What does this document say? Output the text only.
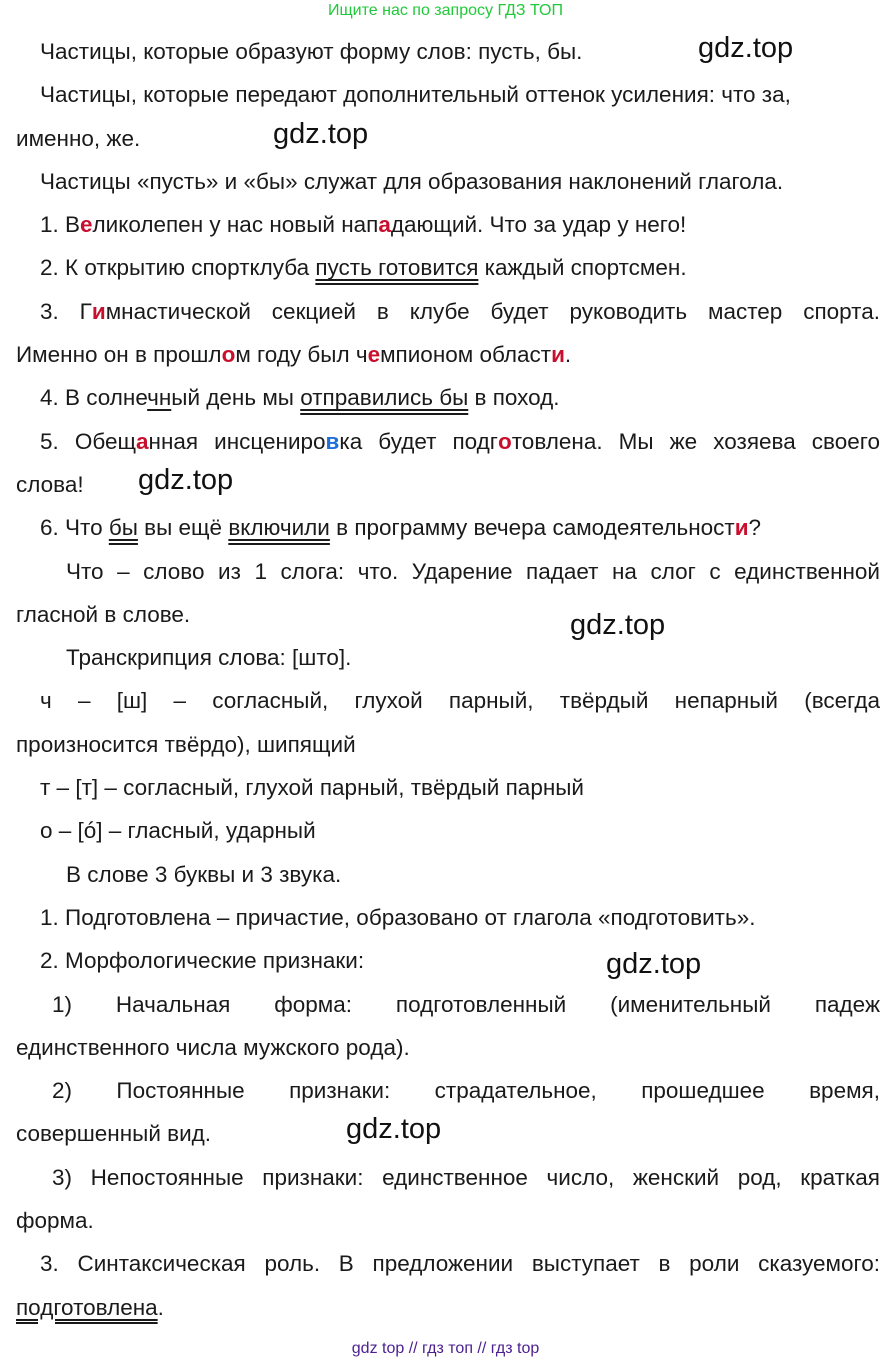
Ищите нас по запросу ГДЗ ТОП
Частицы, которые образуют форму слов: пусть, бы.
Частицы, которые передают дополнительный оттенок усиления: что за,
именно, же.
Частицы «пусть» и «бы» служат для образования наклонений глагола.
1. Великолепен у нас новый нападающий. Что за удар у него!
2. К открытию спортклуба пусть готовится каждый спортсмен.
3. Гимнастической секцией в клубе будет руководить мастер спорта.
Именно он в прошлом году был чемпионом облаcти.
4. В солнечный день мы отправились бы в поход.
5. Обещанная инсценировка будет подготовлена. Мы же хозяева своего
слова!
6. Что бы вы ещё включили в программу вечера самодеятельности?
Что – слово из 1 слога: что. Ударение падает на слог с единственной
гласной в слове.
Транскрипция слова: [што].
ч – [ш] – согласный, глухой парный, твёрдый непарный (всегда
произносится твёрдо), шипящий
т – [т] – согласный, глухой парный, твёрдый парный
о – [ó] – гласный, ударный
В слове 3 буквы и 3 звука.
1. Подготовлена – причастие, образовано от глагола «подготовить».
2. Морфологические признаки:
1) Начальная форма: подготовленный (именительный падеж
единственного числа мужского рода).
2) Постоянные признаки: страдательное, прошедшее время,
совершенный вид.
3) Непостоянные признаки: единственное число, женский род, краткая
форма.
3. Синтаксическая роль. В предложении выступает в роли сказуемого:
подготовлена.
gdz.top
gdz.top
gdz.top
gdz.top
gdz.top
gdz.top
gdz top // гдз топ // гдз top
